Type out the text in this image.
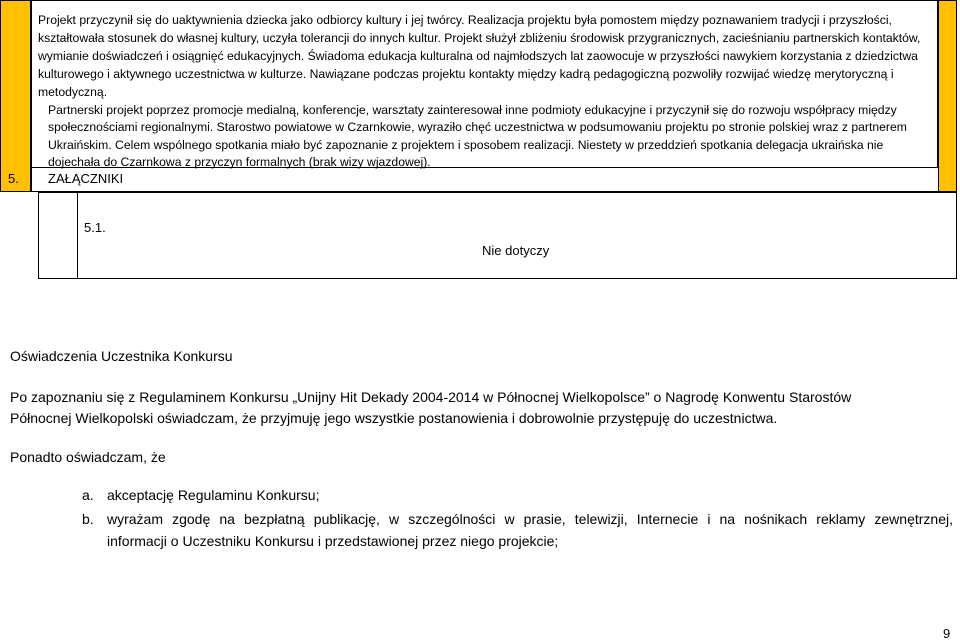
Projekt przyczynił się do uaktywnienia dziecka jako odbiorcy kultury i jej twórcy. Realizacja projektu była pomostem między poznawaniem tradycji i przyszłości, kształtowała stosunek do własnej kultury, uczyła tolerancji do innych kultur. Projekt służył zbliżeniu środowisk przygranicznych, zacieśnianiu partnerskich kontaktów, wymianie doświadczeń i osiągnięć edukacyjnych. Świadoma edukacja kulturalna od najmłodszych lat zaowocuje w przyszłości nawykiem korzystania z dziedzictwa kulturowego i aktywnego uczestnictwa w kulturze. Nawiązane podczas projektu kontakty między kadrą pedagogiczną pozwoliły rozwijać wiedzę merytoryczną i metodyczną.
Partnerski projekt poprzez promocje medialną, konferencje, warsztaty zainteresował inne podmioty edukacyjne i przyczynił się do rozwoju współpracy między społecznościami regionalnymi. Starostwo powiatowe w Czarnkowie, wyraziło chęć uczestnictwa w podsumowaniu projektu po stronie polskiej wraz z partnerem Ukraińskim. Celem wspólnego spotkania miało być zapoznanie z projektem i sposobem realizacji. Niestety w przeddzień spotkania delegacja ukraińska nie dojechała do Czarnkowa z przyczyn formalnych (brak wizy wjazdowej).
5. ZAŁĄCZNIKI
5.1.
Nie dotyczy
Oświadczenia Uczestnika Konkursu
Po zapoznaniu się z Regulaminem Konkursu „Unijny Hit Dekady 2004-2014 w Północnej Wielkopolsce” o Nagrodę Konwentu Starostów
Północnej Wielkopolski oświadczam, że przyjmuję jego wszystkie postanowienia i dobrowolnie przystępuję do uczestnictwa.
Ponadto oświadczam, że
a. akceptację Regulaminu Konkursu;
b. wyrażam zgodę na bezpłatną publikację, w szczególności w prasie, telewizji, Internecie i na nośnikach reklamy zewnętrznej,
informacji o Uczestniku Konkursu i przedstawionej przez niego projekcie;
9
